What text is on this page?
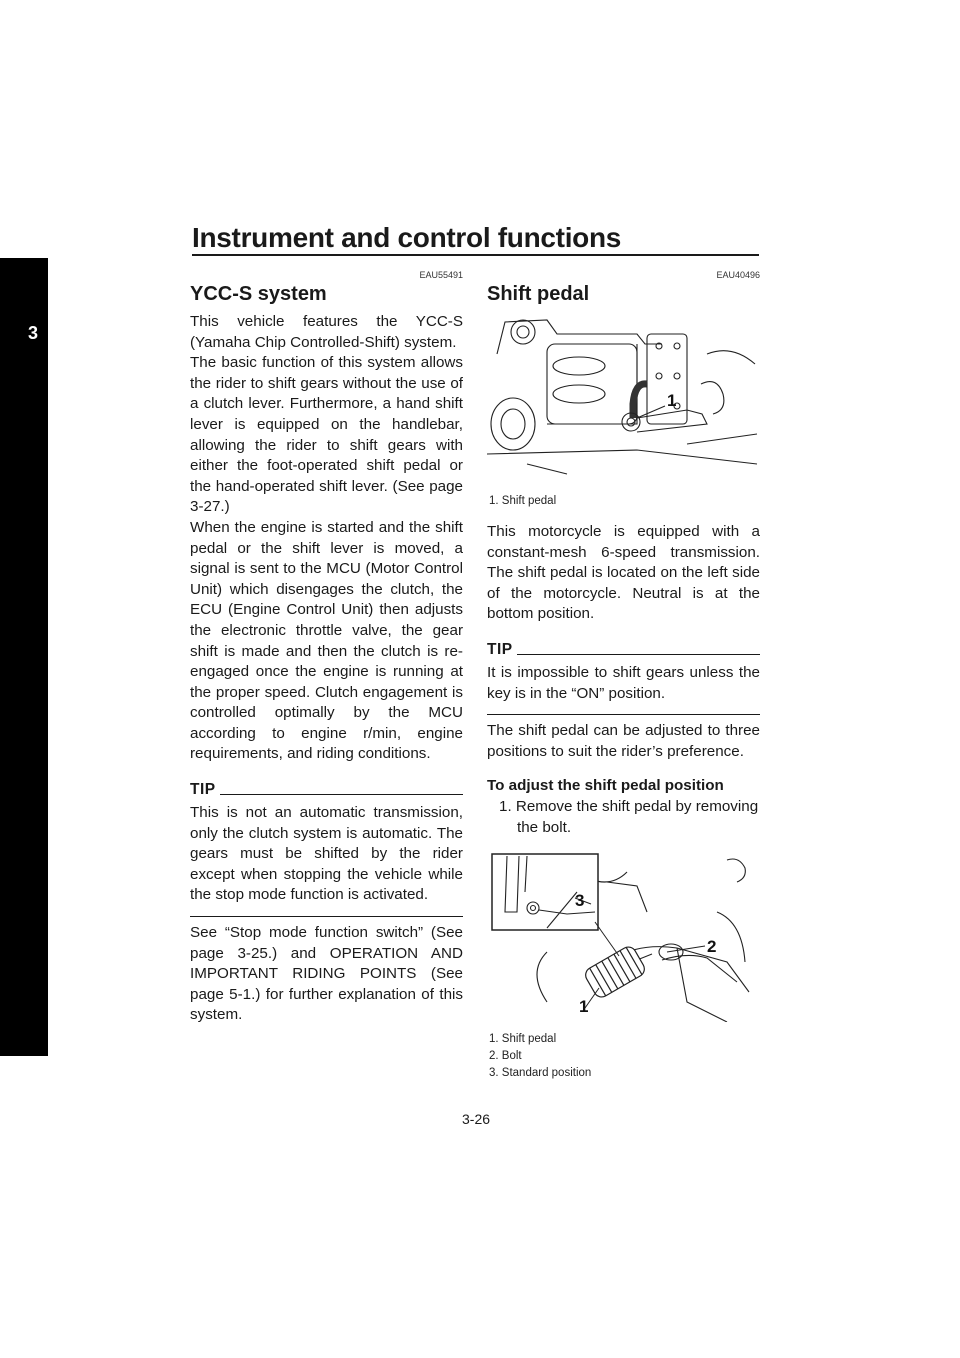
Instrument and control functions
3
EAU55491
YCC-S system

This vehicle features the YCC-S (Yamaha Chip Controlled-Shift) system.

The basic function of this system allows the rider to shift gears without the use of a clutch lever. Furthermore, a hand shift lever is equipped on the handlebar, allowing the rider to shift gears with either the foot-operated shift pedal or the hand-operated shift lever. (See page 3-27.)

When the engine is started and the shift pedal or the shift lever is moved, a signal is sent to the MCU (Motor Control Unit) which disengages the clutch, the ECU (Engine Control Unit) then adjusts the electronic throttle valve, the gear shift is made and then the clutch is re-engaged once the engine is running at the proper speed. Clutch engagement is controlled optimally by the MCU according to engine r/min, engine requirements, and riding conditions.

TIP

This is not an automatic transmission, only the clutch system is automatic. The gears must be shifted by the rider except when stopping the vehicle while the stop mode function is activated.

See “Stop mode function switch” (See page 3-25.) and OPERATION AND IMPORTANT RIDING POINTS (See page 5-1.) for further explanation of this system.

EAU40496
Shift pedal
1
1. Shift pedal

This motorcycle is equipped with a constant-mesh 6-speed transmission. The shift pedal is located on the left side of the motorcycle. Neutral is at the bottom position.

TIP

It is impossible to shift gears unless the key is in the “ON” position.

The shift pedal can be adjusted to three positions to suit the rider’s preference.

To adjust the shift pedal position

1. Remove the shift pedal by removing the bolt.

1
2
3
1. Shift pedal
2. Bolt
3. Standard position
3-26
